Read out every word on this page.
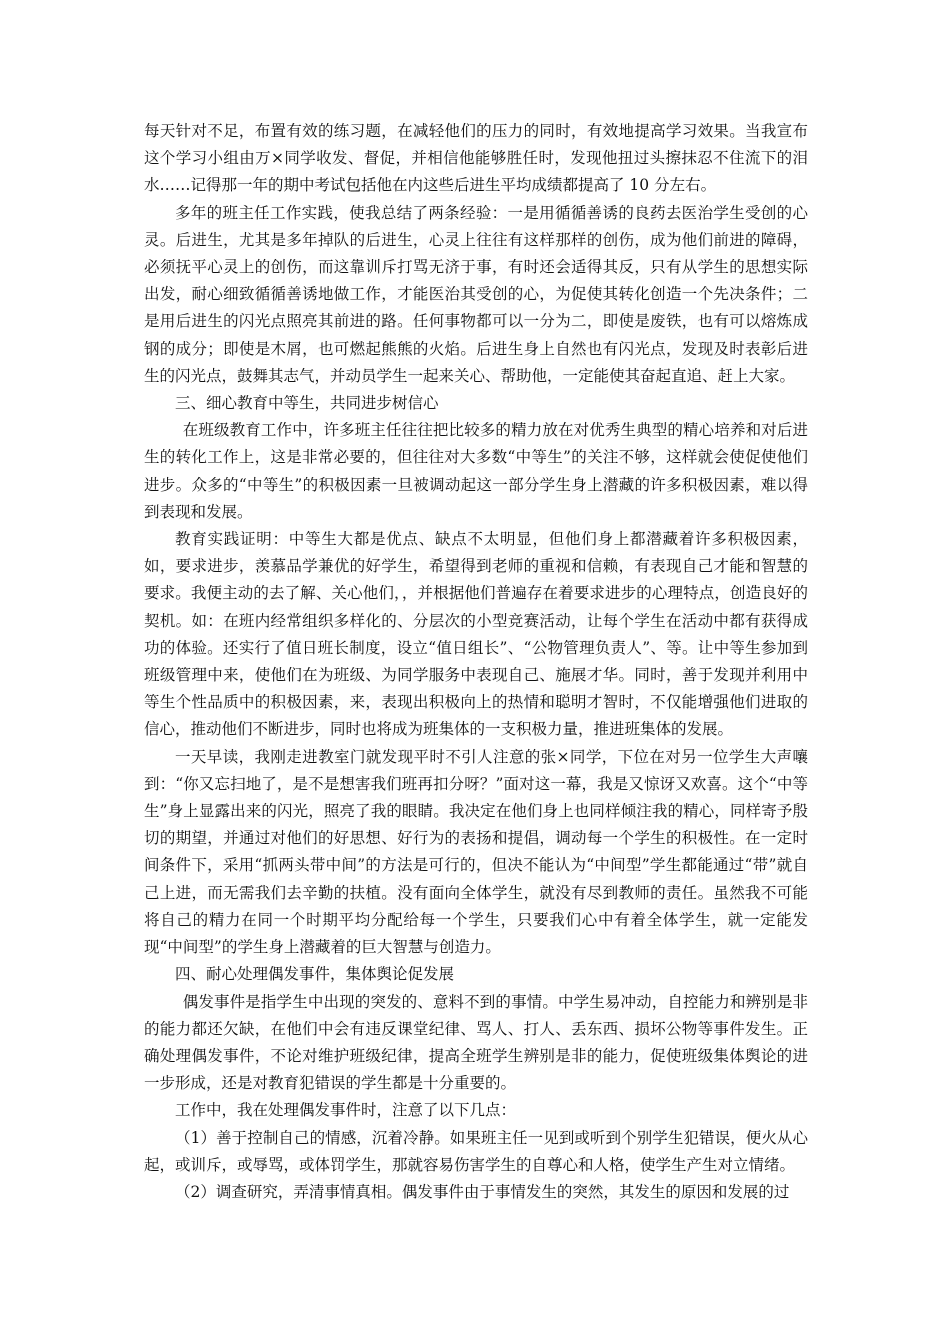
每天针对不足，布置有效的练习题，在减轻他们的压力的同时，有效地提高学习效果。当我宣布这个学习小组由万×同学收发、督促，并相信他能够胜任时，发现他扭过头擦抹忍不住流下的泪水……记得那一年的期中考试包括他在内这些后进生平均成绩都提高了 10 分左右。

多年的班主任工作实践，使我总结了两条经验：一是用循循善诱的良药去医治学生受创的心灵。后进生，尤其是多年掉队的后进生，心灵上往往有这样那样的创伤，成为他们前进的障碍，必须抚平心灵上的创伤，而这靠训斥打骂无济于事，有时还会适得其反，只有从学生的思想实际出发，耐心细致循循善诱地做工作，才能医治其受创的心，为促使其转化创造一个先决条件；二是用后进生的闪光点照亮其前进的路。任何事物都可以一分为二，即使是废铁，也有可以熔炼成钢的成分；即使是木屑，也可燃起熊熊的火焰。后进生身上自然也有闪光点，发现及时表彰后进生的闪光点，鼓舞其志气，并动员学生一起来关心、帮助他，一定能使其奋起直追、赶上大家。

三、细心教育中等生，共同进步树信心

在班级教育工作中，许多班主任往往把比较多的精力放在对优秀生典型的精心培养和对后进生的转化工作上，这是非常必要的，但往往对大多数“中等生”的关注不够，这样就会使促使他们进步。众多的“中等生”的积极因素一旦被调动起这一部分学生身上潜藏的许多积极因素，难以得到表现和发展。

教育实践证明：中等生大都是优点、缺点不太明显，但他们身上都潜藏着许多积极因素，如，要求进步，羡慕品学兼优的好学生，希望得到老师的重视和信赖，有表现自己才能和智慧的要求。我便主动的去了解、关心他们，，并根据他们普遍存在着要求进步的心理特点，创造良好的契机。如：在班内经常组织多样化的、分层次的小型竞赛活动，让每个学生在活动中都有获得成功的体验。还实行了值日班长制度，设立“值日组长”、“公物管理负责人”、等。让中等生参加到班级管理中来，使他们在为班级、为同学服务中表现自己、施展才华。同时，善于发现并利用中等生个性品质中的积极因素，来，表现出积极向上的热情和聪明才智时，不仅能增强他们进取的信心，推动他们不断进步，同时也将成为班集体的一支积极力量，推进班集体的发展。

一天早读，我刚走进教室门就发现平时不引人注意的张×同学，下位在对另一位学生大声嚷到：“你又忘扫地了，是不是想害我们班再扣分呀？”面对这一幕，我是又惊讶又欢喜。这个“中等生”身上显露出来的闪光，照亮了我的眼睛。我决定在他们身上也同样倾注我的精心，同样寄予殷切的期望，并通过对他们的好思想、好行为的表扬和提倡，调动每一个学生的积极性。在一定时间条件下，采用“抓两头带中间”的方法是可行的，但决不能认为“中间型”学生都能通过“带”就自己上进，而无需我们去辛勤的扶植。没有面向全体学生，就没有尽到教师的责任。虽然我不可能将自己的精力在同一个时期平均分配给每一个学生，只要我们心中有着全体学生，就一定能发现“中间型”的学生身上潜藏着的巨大智慧与创造力。

四、耐心处理偶发事件，集体舆论促发展

偶发事件是指学生中出现的突发的、意料不到的事情。中学生易冲动，自控能力和辨别是非的能力都还欠缺，在他们中会有违反课堂纪律、骂人、打人、丢东西、损坏公物等事件发生。正确处理偶发事件，不论对维护班级纪律，提高全班学生辨别是非的能力，促使班级集体舆论的进一步形成，还是对教育犯错误的学生都是十分重要的。

工作中，我在处理偶发事件时，注意了以下几点：

（1）善于控制自己的情感，沉着冷静。如果班主任一见到或听到个别学生犯错误，便火从心起，或训斥，或辱骂，或体罚学生，那就容易伤害学生的自尊心和人格，使学生产生对立情绪。

（2）调查研究，弄清事情真相。偶发事件由于事情发生的突然，其发生的原因和发展的过
